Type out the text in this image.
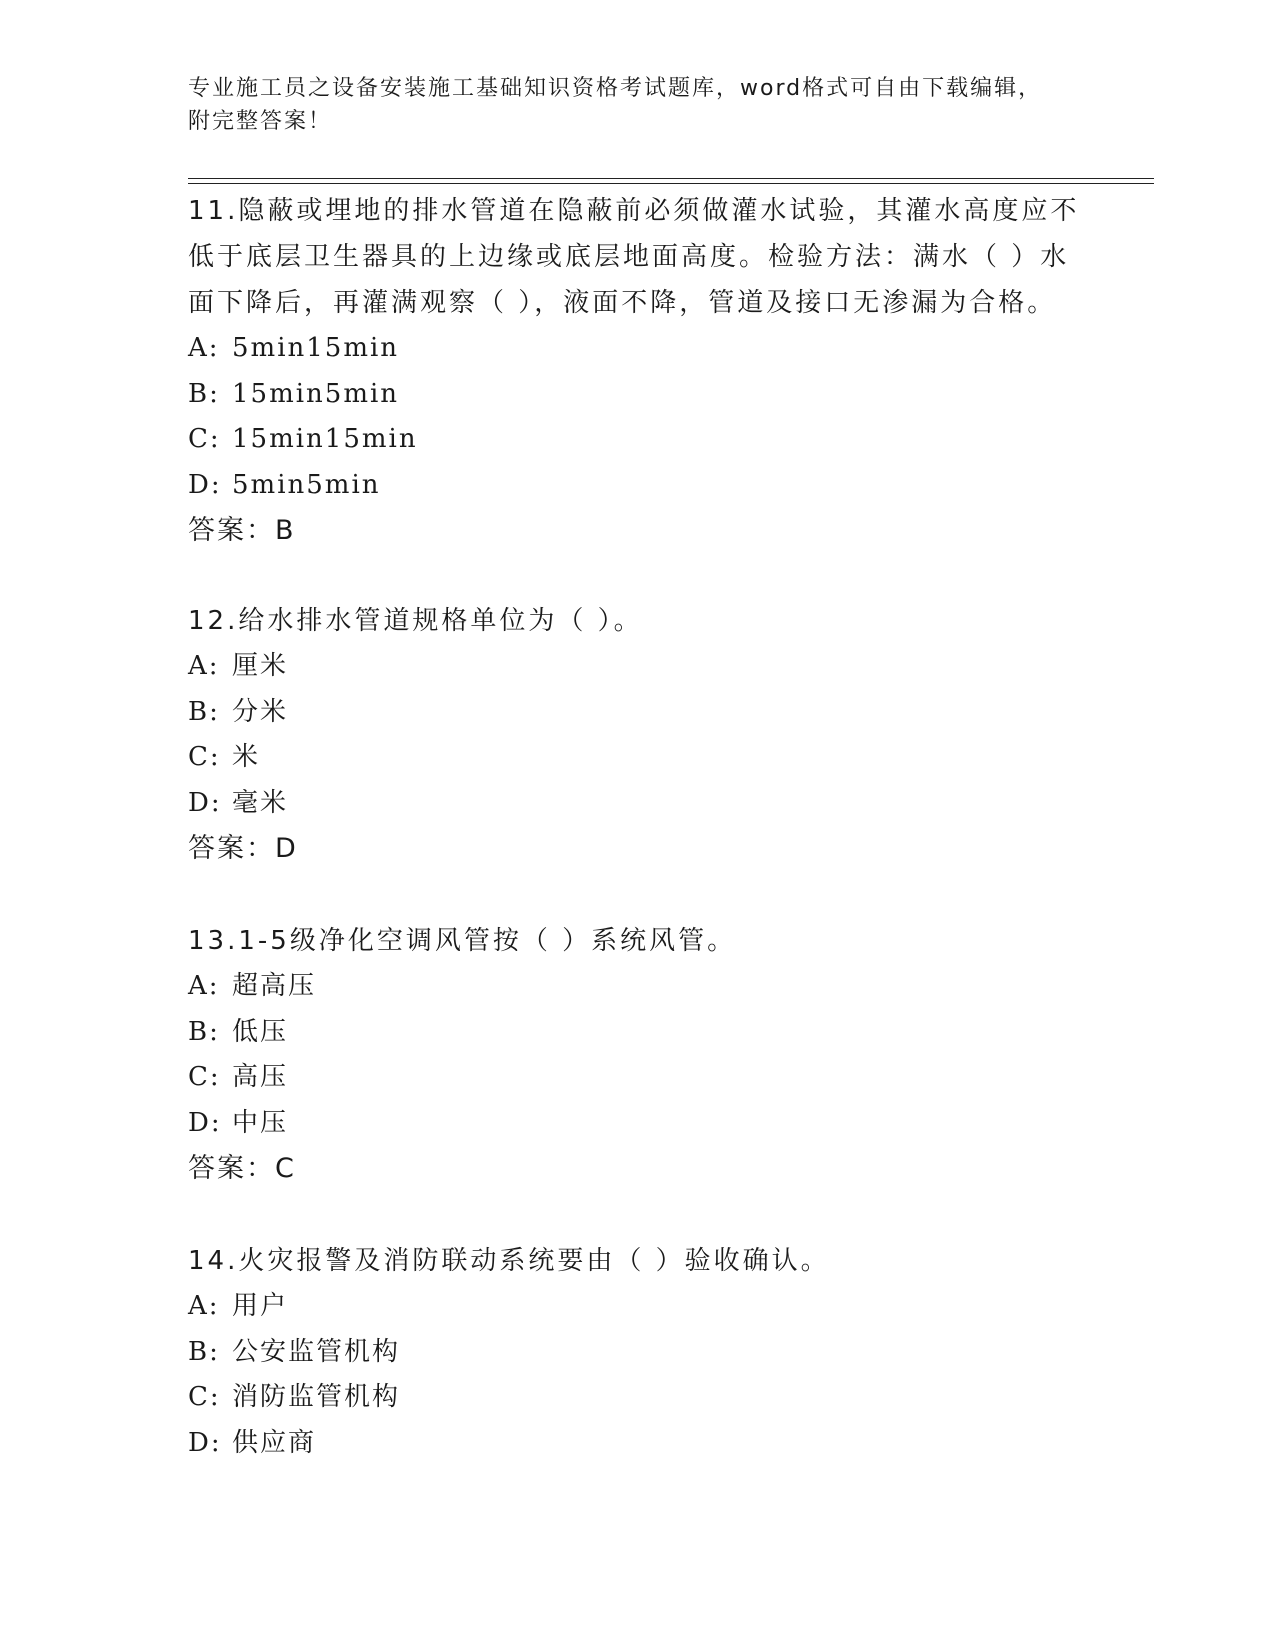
专业施工员之设备安装施工基础知识资格考试题库，word格式可自由下载编辑，
附完整答案！

11.隐蔽或埋地的排水管道在隐蔽前必须做灌水试验，其灌水高度应不

低于底层卫生器具的上边缘或底层地面高度。检验方法：满水（ ）水

面下降后，再灌满观察（ ），液面不降，管道及接口无渗漏为合格。

A: 5min15min

B: 15min5min

C: 15min15min

D: 5min5min

答案：B

12.给水排水管道规格单位为（ ）。

A: 厘米

B: 分米

C: 米

D: 毫米

答案：D

13.1-5级净化空调风管按（ ）系统风管。

A: 超高压

B: 低压

C: 高压

D: 中压

答案：C

14.火灾报警及消防联动系统要由（ ）验收确认。

A: 用户

B: 公安监管机构

C: 消防监管机构

D: 供应商
